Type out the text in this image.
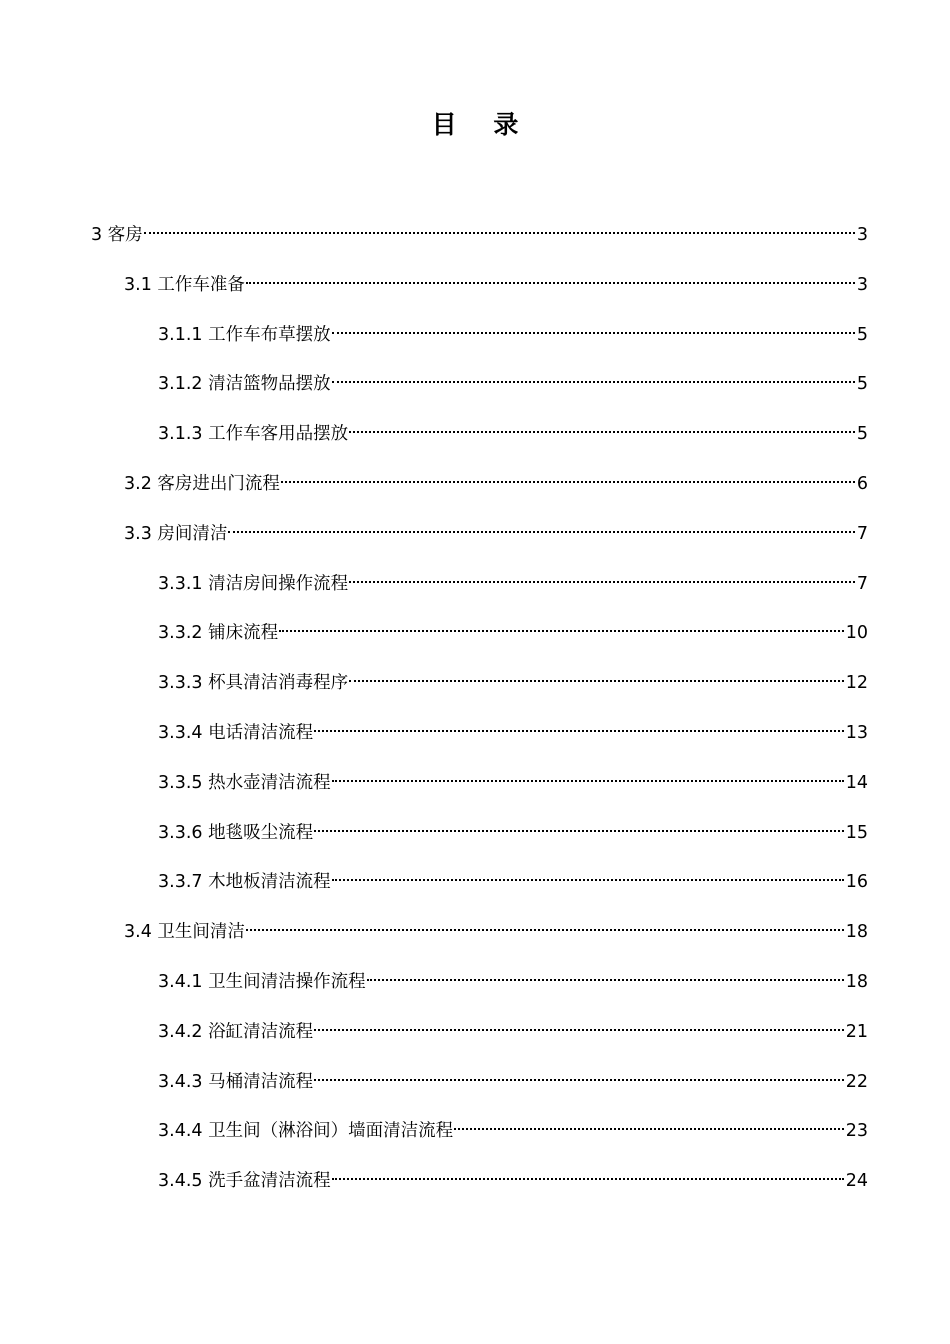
目 录
3 客房	3
3.1 工作车准备	3
3.1.1 工作车布草摆放	5
3.1.2 清洁篮物品摆放	5
3.1.3 工作车客用品摆放	5
3.2 客房进出门流程	6
3.3 房间清洁	7
3.3.1 清洁房间操作流程	7
3.3.2 铺床流程	10
3.3.3 杯具清洁消毒程序	12
3.3.4 电话清洁流程	13
3.3.5 热水壶清洁流程	14
3.3.6 地毯吸尘流程	15
3.3.7 木地板清洁流程	16
3.4 卫生间清洁	18
3.4.1 卫生间清洁操作流程	18
3.4.2 浴缸清洁流程	21
3.4.3 马桶清洁流程	22
3.4.4 卫生间（淋浴间）墙面清洁流程	23
3.4.5 洗手盆清洁流程	24
